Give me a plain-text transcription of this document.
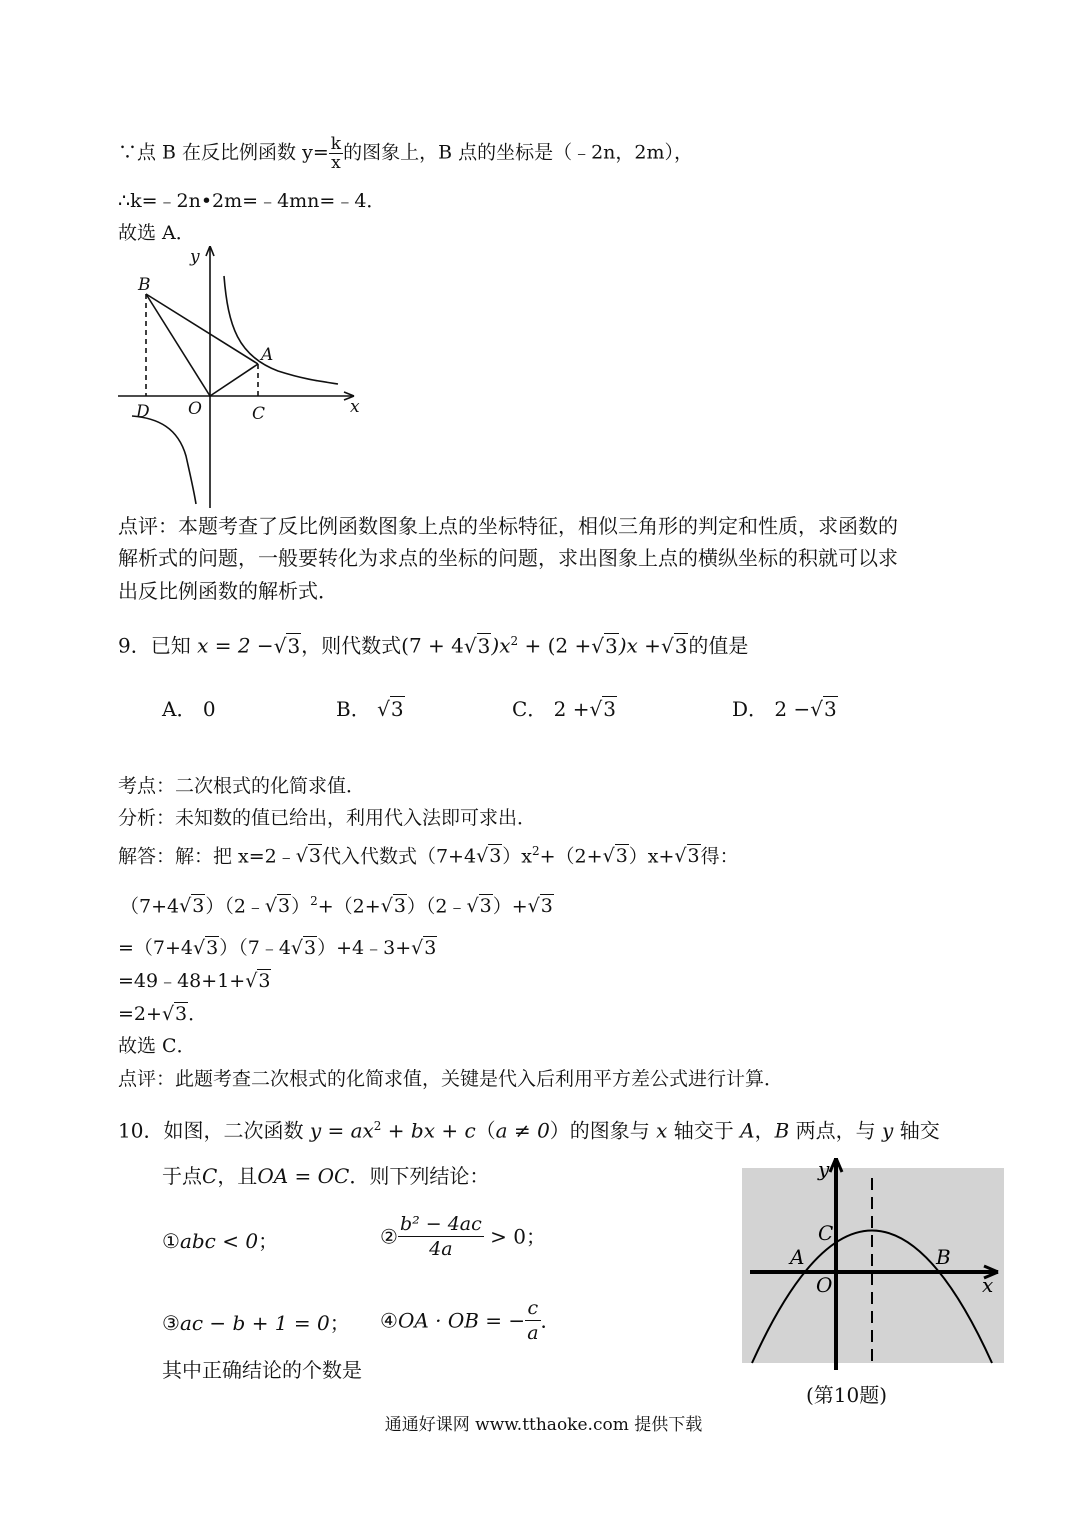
∵点 B 在反比例函数 $y= \frac{k}{x}$ 的图象上，B 点的坐标是（﹣2n，2m），
∴k=﹣2n•2m=﹣4mn=﹣4．
故选 A．
y
x
B
A
O	C
D
点评：本题考查了反比例函数图象上点的坐标特征，相似三角形的判定和性质，求函数的
解析式的问题，一般要转化为求点的坐标的问题，求出图象上点的横纵坐标的积就可以求
出反比例函数的解析式．
9．已知 x = 2 −√3，则代数式$(7 + 4√3)x^2 + (2 +√3)x +√3$的值是
A． 0	B． √3	C． 2 +√3	D． 2 −√3
考点：二次根式的化简求值．
分析：未知数的值已给出，利用代入法即可求出．
解答：解：把 x=2﹣√3代入代数式$(7+4√3)x^2+(2+√3)x+√3$得：
（7+4√3）（2﹣√3）$^2$+（2+√3）（2﹣√3）+√3
=（7+4√3）（7﹣4√3）+4﹣3+√3
=49﹣48+1+√3
=2+√3．
故选 C．
点评：此题考查二次根式的化简求值，关键是代入后利用平方差公式进行计算．
10．如图，二次函数 $y = ax^2$ + bx + c（a ≠ 0）的图象与 x 轴交于 A，B 两点，与 y 轴交
于点C，且OA = OC．则下列结论：
①abc < 0；	② $\frac{\text{b² − 4ac}}{4a} > 0$；
③ac − b + 1 = 0； ④OA · OB = − $\frac{c}{a}$ ．
其中正确结论的个数是
y
x
C
A
O
B
(第10题)
通通好课网 www.tthaoke.com 提供下载
